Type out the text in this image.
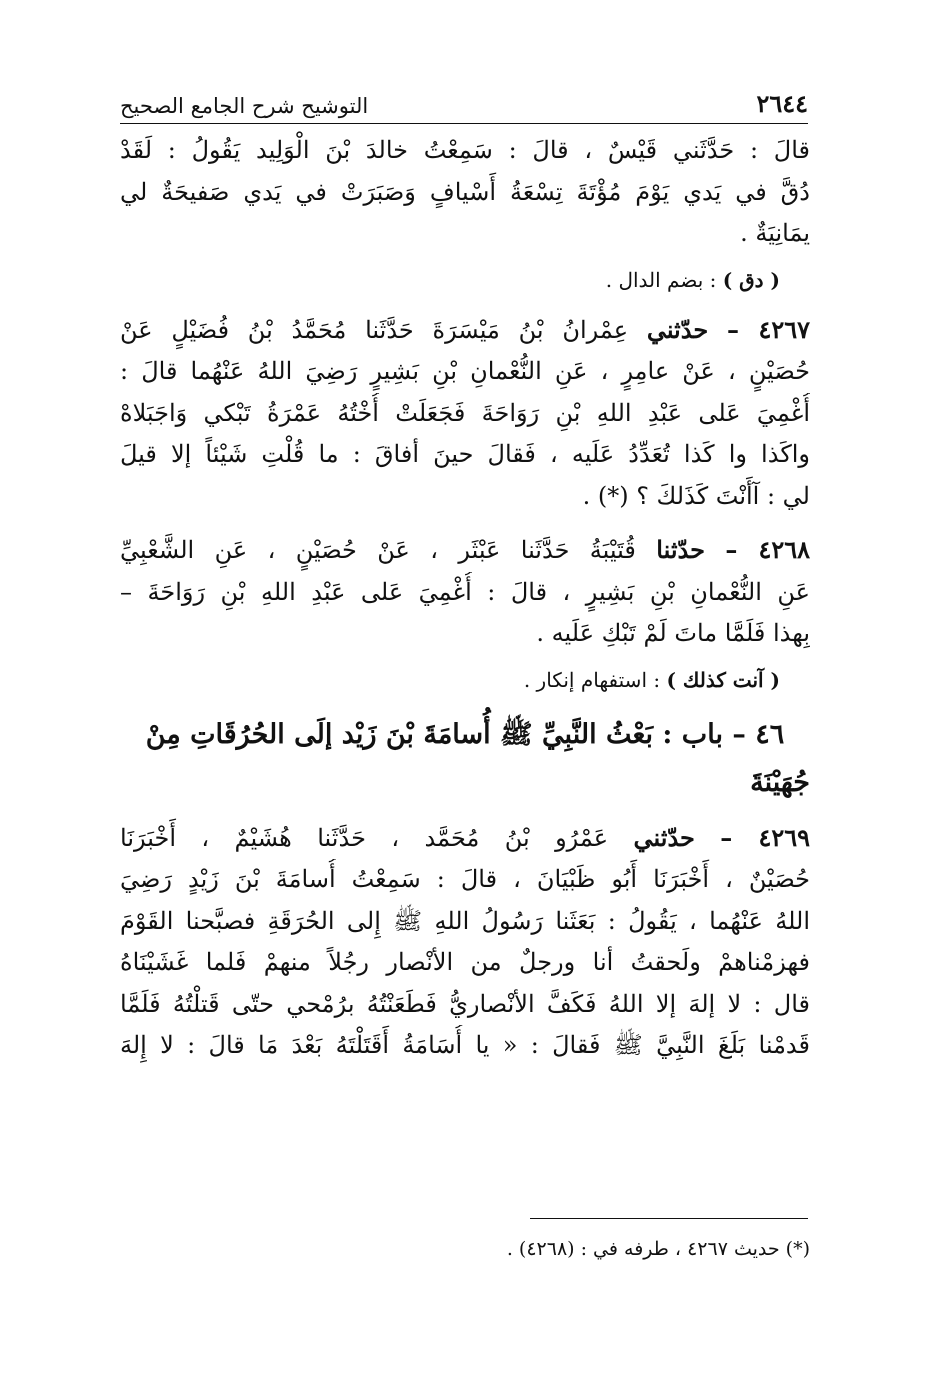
٢٦٤٤
التوشيح شرح الجامع الصحيح
قالَ : حَدَّثَني قَيْسٌ ، قالَ : سَمِعْتُ خالدَ بْنَ الْوَلِيد يَقُولُ : لَقَدْ
دُقَّ في يَدي يَوْمَ مُؤْتَةَ تِسْعَةُ أَسْيافٍ وَصَبَرَتْ في يَدي صَفيحَةٌ لي
يمَانِيَةٌ .
( دق ) : بضم الدال .
٤٢٦٧ – حدّثني عِمْرانُ بْنُ مَيْسَرَةَ حَدَّثَنا مُحَمَّدُ بْنُ فُضَيْلٍ عَنْ
حُصَيْنٍ ، عَنْ عامِرٍ ، عَنِ النُّعْمانِ بْنِ بَشِيرٍ رَضِيَ اللهُ عَنْهُما قالَ :
أُغْمِيَ عَلى عَبْدِ اللهِ بْنِ رَوَاحَةَ فَجَعَلَتْ أُخْتُهُ عَمْرَةُ تَبْكي وَاجَبَلاهْ
واكَذا وا كَذا تُعَدِّدُ عَلَيه ، فَقالَ حينَ أفاقَ : ما قُلْتِ شَيْئاً إلا قيلَ
لي : آأَنْتَ كَذَلكَ ؟ (*) .
٤٢٦٨ – حدّثنا قُتَيْبَةُ حَدَّثَنا عَبْثَر ، عَنْ حُصَيْنٍ ، عَنِ الشَّعْبِيِّ
عَنِ النُّعْمانِ بْنِ بَشِيرٍ ، قالَ : أُغْمِيَ عَلى عَبْدِ اللهِ بْنِ رَوَاحَةَ –
بِهذا فَلَمَّا ماتَ لَمْ تَبْكِ عَلَيه .
( آنت كذلك ) : استفهام إنكار .
٤٦ – باب : بَعْثُ النَّبِيِّ ﷺ أُسامَةَ بْنَ زَيْد إلَى الحُرُقَاتِ مِنْ جُهَيْنَةَ
٤٢٦٩ – حدّثني عَمْرُو بْنُ مُحَمَّد ، حَدَّثَنا هُشَيْمٌ ، أَخْبَرَنَا
حُصَيْنٌ ، أَخْبَرَنَا أَبُو ظَبْيَانَ ، قالَ : سَمِعْتُ أُسامَةَ بْنَ زَيْدٍ رَضِيَ
اللهُ عَنْهُما ، يَقُولُ : بَعَثَنا رَسُولُ اللهِ ﷺ إِلى الحُرَقَةِ فصبَّحنا القَوْمَ
فهزمْناهمْ ولَحقتُ أنا ورجلٌ من الأنْصار رجُلاً منهمْ فَلما غَشَيْنَاهُ
قال : لا إلهَ إلا اللهُ فَكَفَّ الأنْصاريُّ فَطَعَنْتُهُ برُمْحي حتّى قَتلْتُهُ فَلَمَّا
قَدمْنا بَلَغَ النَّبِيَّ ﷺ فَقالَ : « يا أُسَامَةُ أَقَتَلْتَهُ بَعْدَ مَا قالَ : لا إِلهَ
(*) حديث ٤٢٦٧ ، طرفه في : (٤٢٦٨) .
